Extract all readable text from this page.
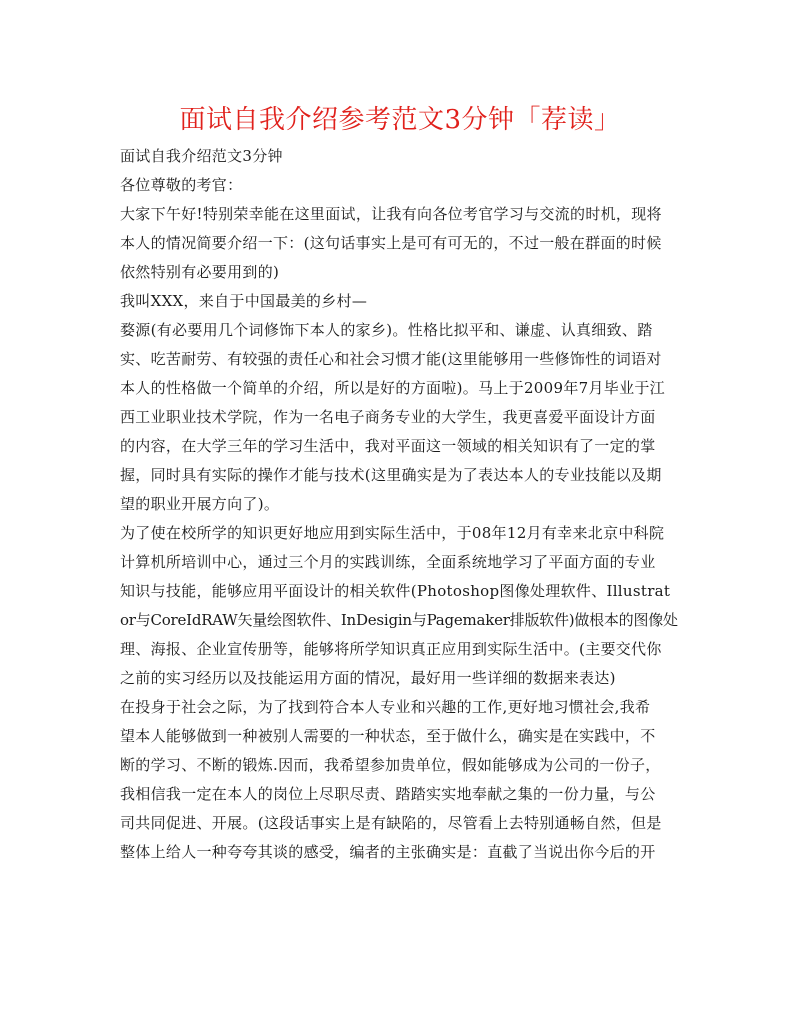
面试自我介绍参考范文3分钟「荐读」
面试自我介绍范文3分钟
各位尊敬的考官：
大家下午好!特别荣幸能在这里面试，让我有向各位考官学习与交流的时机，现将
本人的情况简要介绍一下：(这句话事实上是可有可无的，不过一般在群面的时候
依然特别有必要用到的)
我叫XXX，来自于中国最美的乡村—
婺源(有必要用几个词修饰下本人的家乡)。性格比拟平和、谦虚、认真细致、踏
实、吃苦耐劳、有较强的责任心和社会习惯才能(这里能够用一些修饰性的词语对
本人的性格做一个简单的介绍，所以是好的方面啦)。马上于2009年7月毕业于江
西工业职业技术学院，作为一名电子商务专业的大学生，我更喜爱平面设计方面
的内容，在大学三年的学习生活中，我对平面这一领域的相关知识有了一定的掌
握，同时具有实际的操作才能与技术(这里确实是为了表达本人的专业技能以及期
望的职业开展方向了)。
为了使在校所学的知识更好地应用到实际生活中，于08年12月有幸来北京中科院
计算机所培训中心，通过三个月的实践训练，全面系统地学习了平面方面的专业
知识与技能，能够应用平面设计的相关软件(Photoshop图像处理软件、Illustrat
or与CoreIdRAW矢量绘图软件、InDesigin与Pagemaker排版软件)做根本的图像处
理、海报、企业宣传册等，能够将所学知识真正应用到实际生活中。(主要交代你
之前的实习经历以及技能运用方面的情况，最好用一些详细的数据来表达)
在投身于社会之际，为了找到符合本人专业和兴趣的工作,更好地习惯社会,我希
望本人能够做到一种被别人需要的一种状态，至于做什么，确实是在实践中，不
断的学习、不断的锻炼.因而，我希望参加贵单位，假如能够成为公司的一份子，
我相信我一定在本人的岗位上尽职尽责、踏踏实实地奉献之集的一份力量，与公
司共同促进、开展。(这段话事实上是有缺陷的，尽管看上去特别通畅自然，但是
整体上给人一种夸夸其谈的感受，编者的主张确实是：直截了当说出你今后的开
